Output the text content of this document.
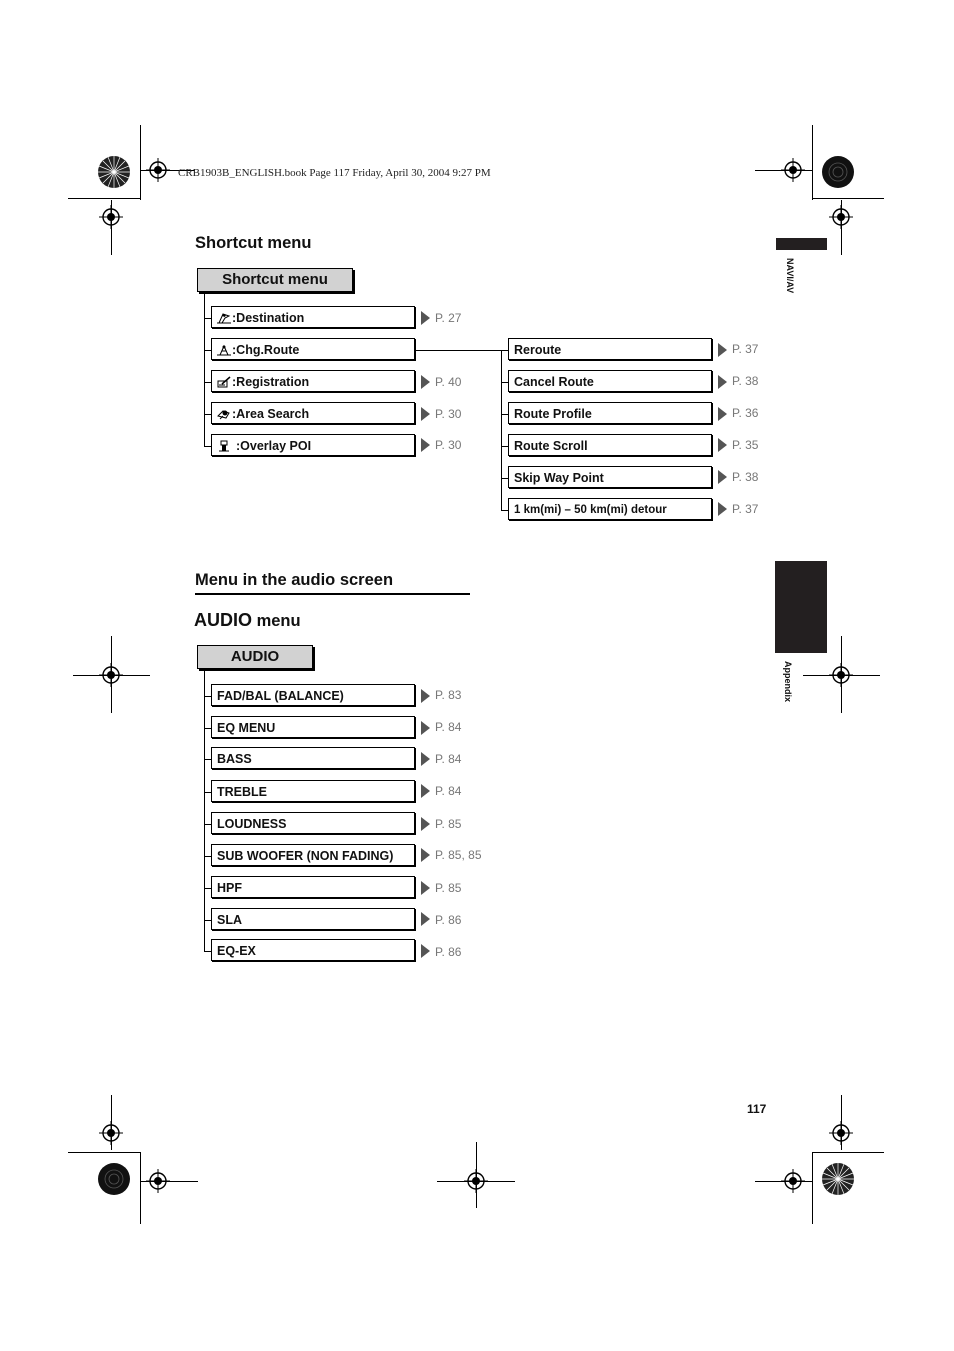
CRB1903B_ENGLISH.book Page 117 Friday, April 30, 2004 9:27 PM
NAVI/AV
Appendix
Shortcut menu
Shortcut menu
:Destination
:Chg.Route
:Registration
:Area Search
:Overlay POI
P. 27
P. 40
P. 30
P. 30
Reroute
Cancel Route
Route Profile
Route Scroll
Skip Way Point
1 km(mi) – 50 km(mi) detour
P. 37
P. 38
P. 36
P. 35
P. 38
P. 37
Menu in the audio screen
AUDIO menu
AUDIO
FAD/BAL (BALANCE)
EQ MENU
BASS
TREBLE
LOUDNESS
SUB WOOFER (NON FADING)
HPF
SLA
EQ-EX
P. 83
P. 84
P. 84
P. 84
P. 85
P. 85, 85
P. 85
P. 86
P. 86
117
